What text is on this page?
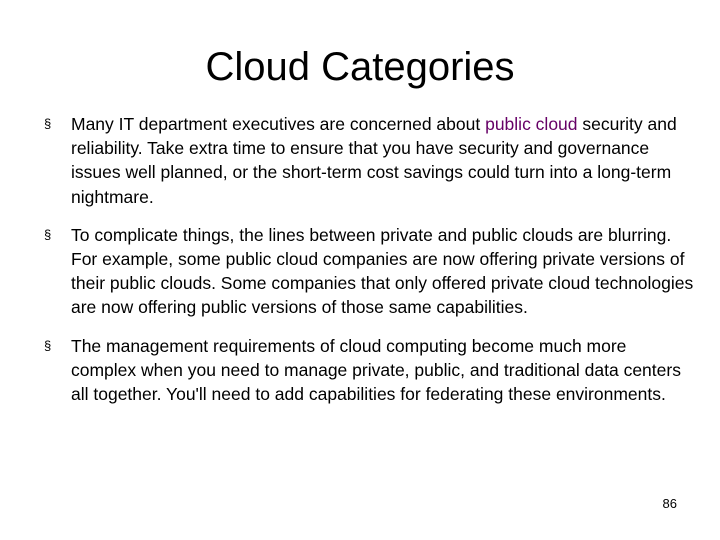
Cloud Categories
§ Many IT department executives are concerned about public cloud security and reliability. Take extra time to ensure that you have security and governance issues well planned, or the short-term cost savings could turn into a long-term nightmare.
§ To complicate things, the lines between private and public clouds are blurring. For example, some public cloud companies are now offering private versions of their public clouds. Some companies that only offered private cloud technologies are now offering public versions of those same capabilities.
§ The management requirements of cloud computing become much more complex when you need to manage private, public, and traditional data centers all together. You'll need to add capabilities for federating these environments.
86
